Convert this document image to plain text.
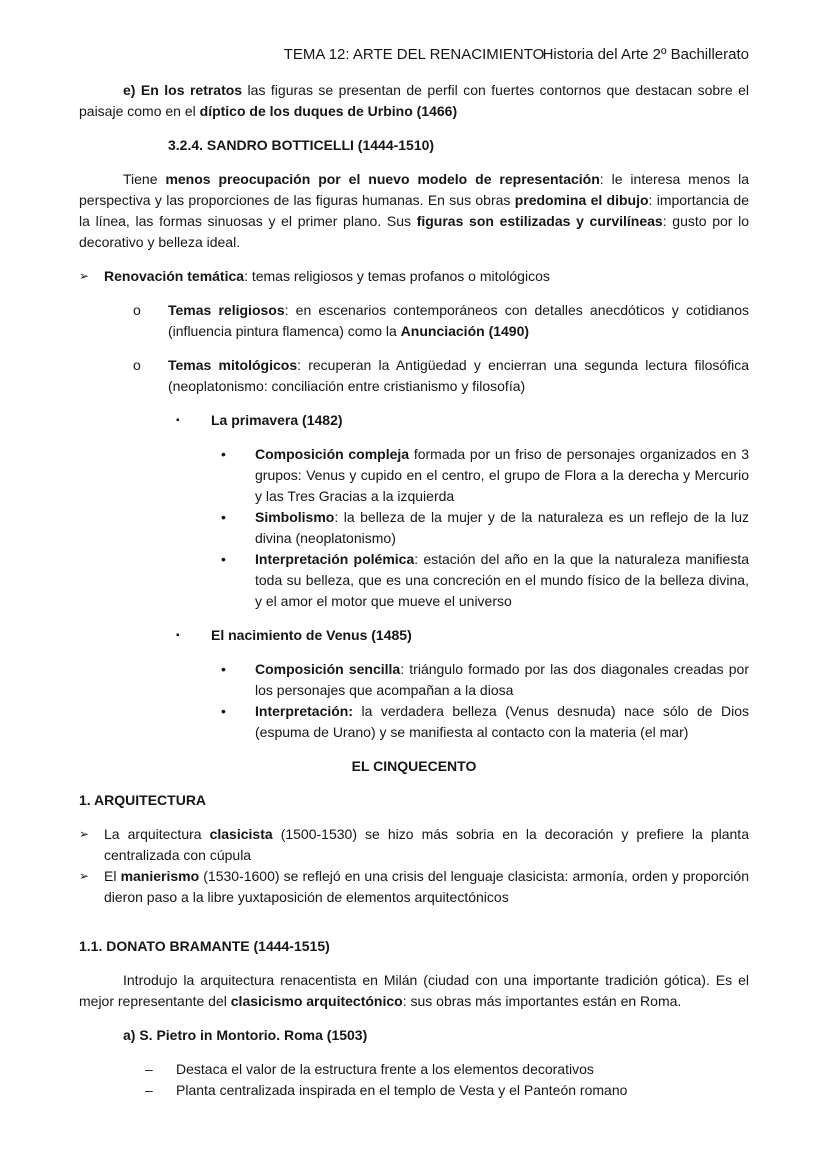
TEMA 12: ARTE DEL RENACIMIENTO
Historia del Arte 2º Bachillerato
e) En los retratos las figuras se presentan de perfil con fuertes contornos que destacan sobre el paisaje como en el díptico de los duques de Urbino (1466)
3.2.4. SANDRO BOTTICELLI (1444-1510)
Tiene menos preocupación por el nuevo modelo de representación: le interesa menos la perspectiva y las proporciones de las figuras humanas. En sus obras predomina el dibujo: importancia de la línea, las formas sinuosas y el primer plano. Sus figuras son estilizadas y curvilíneas: gusto por lo decorativo y belleza ideal.
➢	Renovación temática: temas religiosos y temas profanos o mitológicos
o	Temas religiosos: en escenarios contemporáneos con detalles anecdóticos y cotidianos (influencia pintura flamenca) como la Anunciación (1490)
o	Temas mitológicos: recuperan la Antigüedad y encierran una segunda lectura filosófica (neoplatonismo: conciliación entre cristianismo y filosofía)
▪	La primavera (1482)
•	Composición compleja formada por un friso de personajes organizados en 3 grupos: Venus y cupido en el centro, el grupo de Flora a la derecha y Mercurio y las Tres Gracias a la izquierda
•	Simbolismo: la belleza de la mujer y de la naturaleza es un reflejo de la luz divina (neoplatonismo)
•	Interpretación polémica: estación del año en la que la naturaleza manifiesta toda su belleza, que es una concreción en el mundo físico de la belleza divina, y el amor el motor que mueve el universo
▪	El nacimiento de Venus (1485)
•	Composición sencilla: triángulo formado por las dos diagonales creadas por los personajes que acompañan a la diosa
•	Interpretación: la verdadera belleza (Venus desnuda) nace sólo de Dios (espuma de Urano) y se manifiesta al contacto con la materia (el mar)
EL CINQUECENTO
1. ARQUITECTURA
➢	La arquitectura clasicista (1500-1530) se hizo más sobria en la decoración y prefiere la planta centralizada con cúpula
➢	El manierismo (1530-1600) se reflejó en una crisis del lenguaje clasicista: armonía, orden y proporción dieron paso a la libre yuxtaposición de elementos arquitectónicos
1.1. DONATO BRAMANTE (1444-1515)
Introdujo la arquitectura renacentista en Milán (ciudad con una importante tradición gótica). Es el mejor representante del clasicismo arquitectónico: sus obras más importantes están en Roma.
a) S. Pietro in Montorio. Roma (1503)
–	Destaca el valor de la estructura frente a los elementos decorativos
–	Planta centralizada inspirada en el templo de Vesta y el Panteón romano
